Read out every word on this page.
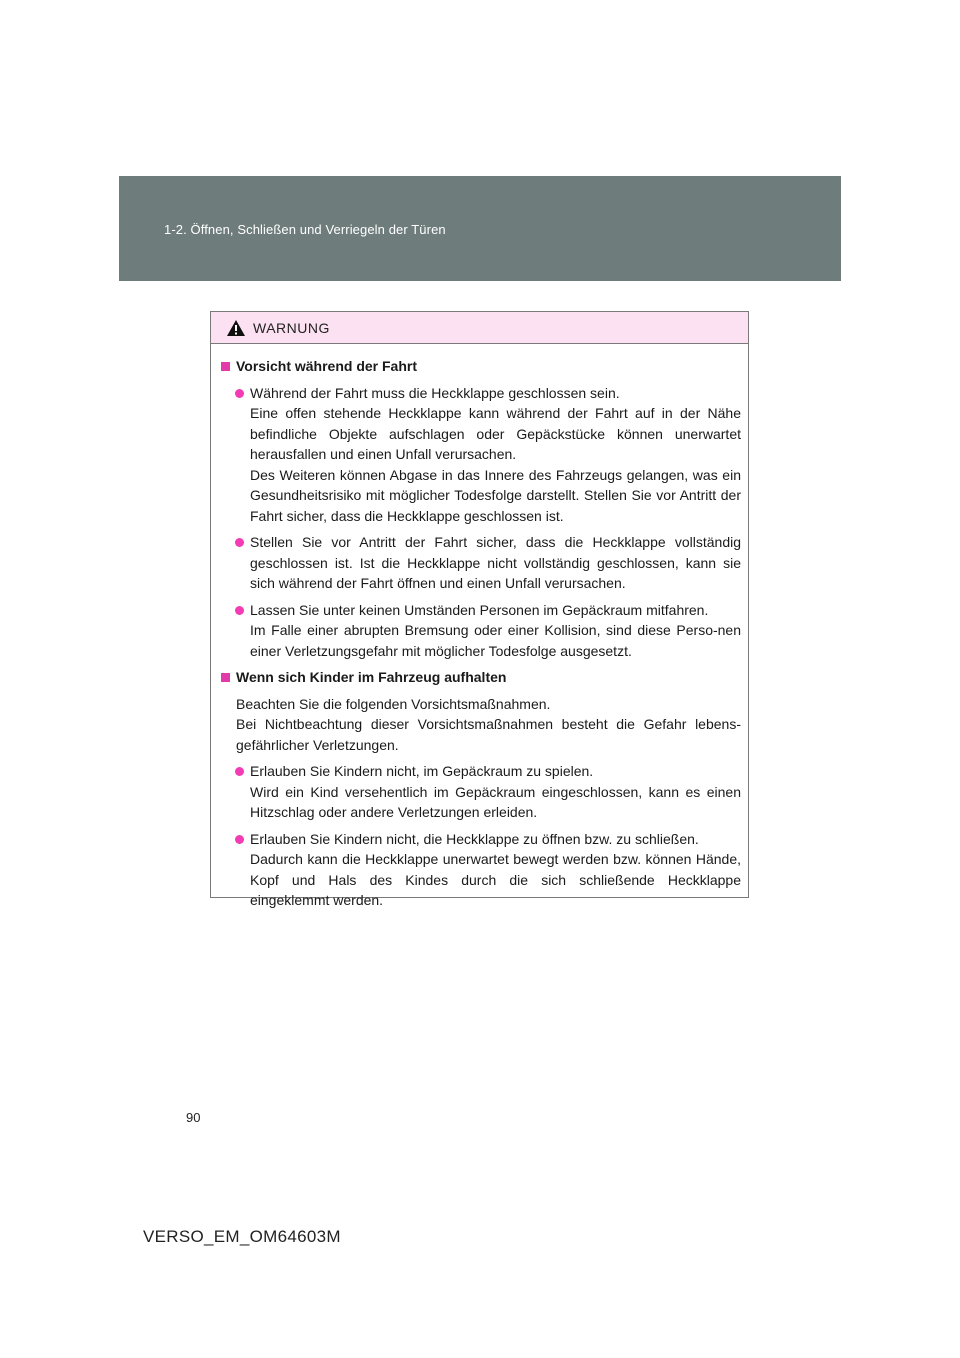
1-2. Öffnen, Schließen und Verriegeln der Türen
WARNUNG
Vorsicht während der Fahrt

Während der Fahrt muss die Heckklappe geschlossen sein.

Eine offen stehende Heckklappe kann während der Fahrt auf in der Nähe befindliche Objekte aufschlagen oder Gepäckstücke können unerwartet herausfallen und einen Unfall verursachen.

Des Weiteren können Abgase in das Innere des Fahrzeugs gelangen, was ein Gesundheitsrisiko mit möglicher Todesfolge darstellt. Stellen Sie vor Antritt der Fahrt sicher, dass die Heckklappe geschlossen ist.

Stellen Sie vor Antritt der Fahrt sicher, dass die Heckklappe vollständig geschlossen ist. Ist die Heckklappe nicht vollständig geschlossen, kann sie sich während der Fahrt öffnen und einen Unfall verursachen.

Lassen Sie unter keinen Umständen Personen im Gepäckraum mitfahren.

Im Falle einer abrupten Bremsung oder einer Kollision, sind diese Perso-nen einer Verletzungsgefahr mit möglicher Todesfolge ausgesetzt.

Wenn sich Kinder im Fahrzeug aufhalten

Beachten Sie die folgenden Vorsichtsmaßnahmen.

Bei Nichtbeachtung dieser Vorsichtsmaßnahmen besteht die Gefahr lebens-gefährlicher Verletzungen.

Erlauben Sie Kindern nicht, im Gepäckraum zu spielen.

Wird ein Kind versehentlich im Gepäckraum eingeschlossen, kann es einen Hitzschlag oder andere Verletzungen erleiden.

Erlauben Sie Kindern nicht, die Heckklappe zu öffnen bzw. zu schließen.

Dadurch kann die Heckklappe unerwartet bewegt werden bzw. können Hände, Kopf und Hals des Kindes durch die sich schließende Heckklappe eingeklemmt werden.

90
VERSO_EM_OM64603M
